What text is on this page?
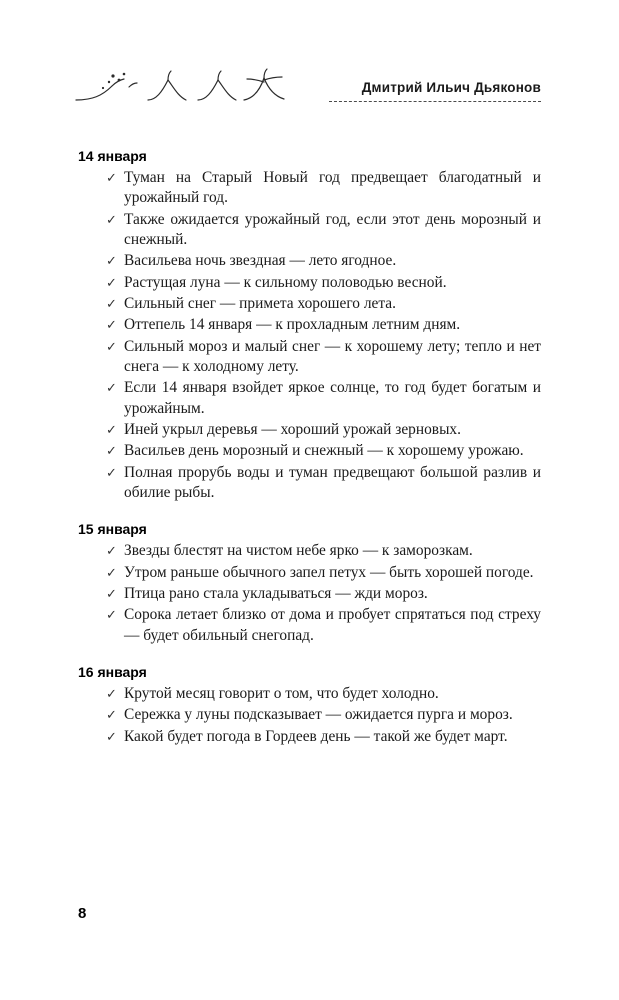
Дмитрий Ильич Дьяконов
14 января
✓ Туман на Старый Новый год предвещает благодатный и урожайный год.
✓ Также ожидается урожайный год, если этот день морозный и снежный.
✓ Васильева ночь звездная — лето ягодное.
✓ Растущая луна — к сильному половодью весной.
✓ Сильный снег — примета хорошего лета.
✓ Оттепель 14 января — к прохладным летним дням.
✓ Сильный мороз и малый снег — к хорошему лету; тепло и нет снега — к холодному лету.
✓ Если 14 января взойдет яркое солнце, то год будет богатым и урожайным.
✓ Иней укрыл деревья — хороший урожай зерновых.
✓ Васильев день морозный и снежный — к хорошему урожаю.
✓ Полная прорубь воды и туман предвещают большой разлив и обилие рыбы.
15 января
✓ Звезды блестят на чистом небе ярко — к заморозкам.
✓ Утром раньше обычного запел петух — быть хорошей погоде.
✓ Птица рано стала укладываться — жди мороз.
✓ Сорока летает близко от дома и пробует спрятаться под стреху — будет обильный снегопад.
16 января
✓ Крутой месяц говорит о том, что будет холодно.
✓ Сережка у луны подсказывает — ожидается пурга и мороз.
✓ Какой будет погода в Гордеев день — такой же будет март.
8
